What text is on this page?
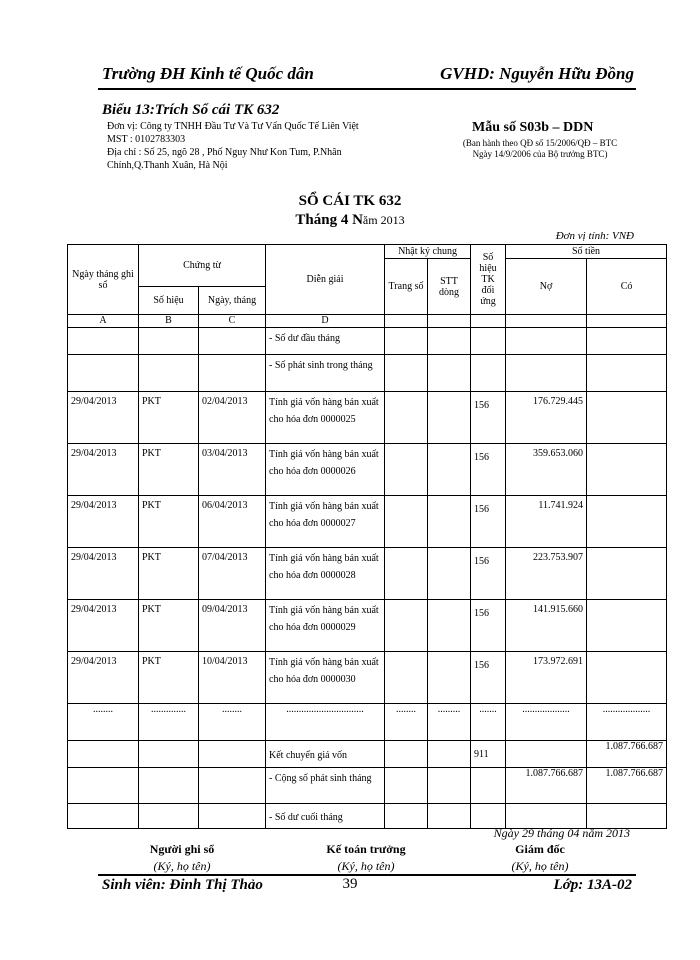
Trường ĐH Kinh tế Quốc dân	GVHD: Nguyễn Hữu Đồng
Biểu 13:Trích Sổ cái TK 632
Đơn vị: Công ty TNHH Đầu Tư Và Tư Vấn Quốc Tế Liên Việt
MST : 0102783303
Địa chỉ : Số 25, ngõ 28 , Phố Nguy Như Kon Tum, P.Nhân
Chính,Q.Thanh Xuân, Hà Nội
Mẫu số S03b – DDN
(Ban hành theo QĐ số 15/2006/QĐ – BTC
Ngày 14/9/2006 của Bộ trưởng BTC)
SỔ CÁI TK 632
Tháng 4 Năm 2013
Đơn vị tính: VNĐ
Ngày tháng ghi sổ	Chứng từ		Diễn giải	Nhật ký chung		Số hiệu TK đối ứng	Số tiền	
				Trang số	STT dòng		Nợ	Có
	Số hiệu	Ngày, tháng						
A	B	C	D					
			- Số dư đầu tháng					
			- Số phát sinh trong tháng					
29/04/2013	PKT	02/04/2013	Tính giá vốn hàng bán xuất cho hóa đơn 0000025			156	176.729.445	
29/04/2013	PKT	03/04/2013	Tính giá vốn hàng bán xuất cho hóa đơn 0000026			156	359.653.060	
29/04/2013	PKT	06/04/2013	Tính giá vốn hàng bán xuất cho hóa đơn 0000027			156	11.741.924	
29/04/2013	PKT	07/04/2013	Tính giá vốn hàng bán xuất cho hóa đơn 0000028			156	223.753.907	
29/04/2013	PKT	09/04/2013	Tính giá vốn hàng bán xuất cho hóa đơn 0000029			156	141.915.660	
29/04/2013	PKT	10/04/2013	Tính giá vốn hàng bán xuất cho hóa đơn 0000030			156	173.972.691	
........	..............	........	...............................	........	.........	.......	...................	...................
			Kết chuyển giá vốn			911		1.087.766.687
			- Cộng số phát sinh tháng				1.087.766.687	1.087.766.687
			- Số dư cuối tháng					
Ngày 29 tháng 04 năm 2013
Người ghi sổ
(Ký, họ tên)
Kế toán trưởng
(Ký, họ tên)
Giám đốc
(Ký, họ tên)
Sinh viên: Đinh Thị Thảo	39	Lớp: 13A-02
